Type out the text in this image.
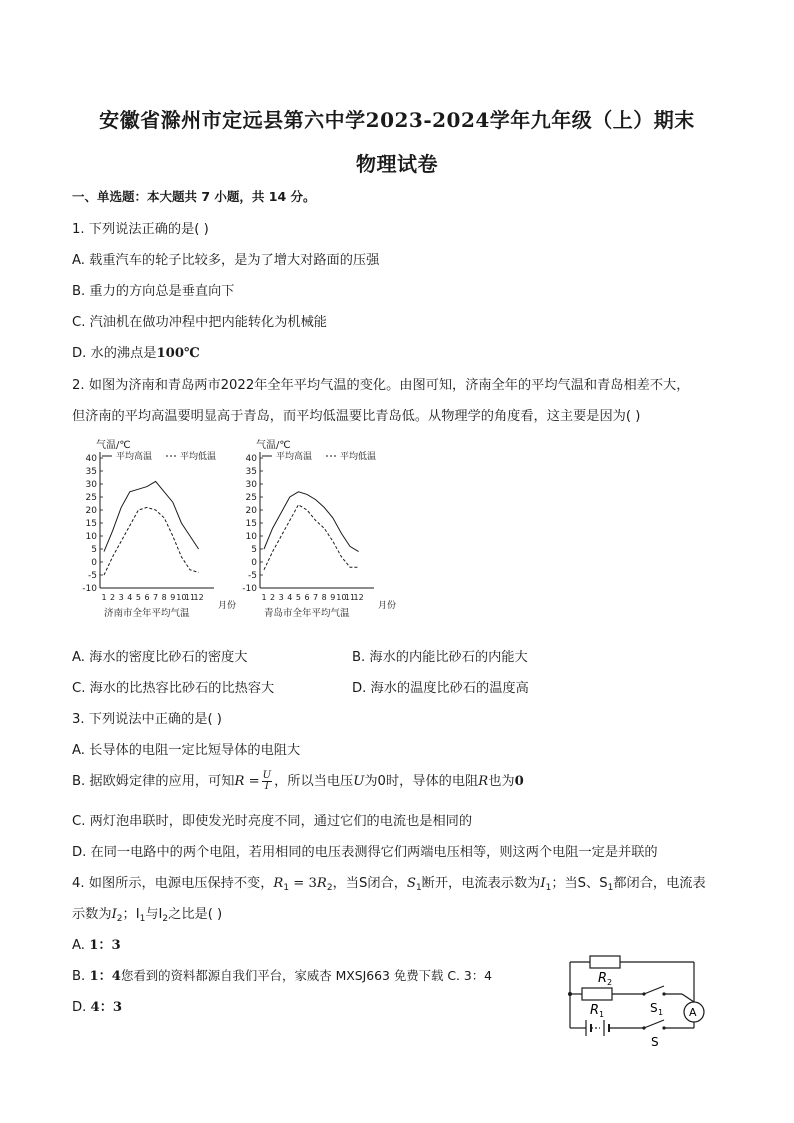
安徽省滁州市定远县第六中学2023-2024学年九年级（上）期末
物理试卷
一、单选题：本大题共 7 小题，共 14 分。
1. 下列说法正确的是( )
A. 载重汽车的轮子比较多，是为了增大对路面的压强
B. 重力的方向总是垂直向下
C. 汽油机在做功冲程中把内能转化为机械能
D. 水的沸点是100℃
2. 如图为济南和青岛两市2022年全年平均气温的变化。由图可知，济南全年的平均气温和青岛相差不大，
但济南的平均高温要明显高于青岛，而平均低温要比青岛低。从物理学的角度看，这主要是因为( )
气温/℃
平均高温	平均低温
-10
-5
0
5
10
15
20
25
30
35
40
1 2 3 4 5 6 7 8 9 10
11
12
月份
济南市全年平均气温
气温/℃
平均高温	平均低温
-10
-5
0
5
10
15
20
25
30
35
40
1 2 3 4 5 6 7 8 9 10
11
12
月份
青岛市全年平均气温
A. 海水的密度比砂石的密度大	B. 海水的内能比砂石的内能大
C. 海水的比热容比砂石的比热容大	D. 海水的温度比砂石的温度高
3. 下列说法中正确的是( )
A. 长导体的电阻一定比短导体的电阻大
B. 据欧姆定律的应用，可知$R = \frac{U}{I}$ ，所以当电压U为0时，导体的电阻R也为0
C. 两灯泡串联时，即使发光时亮度不同，通过它们的电流也是相同的
D. 在同一电路中的两个电阻，若用相同的电压表测得它们两端电压相等，则这两个电阻一定是并联的
4. 如图所示，电源电压保持不变，$R_1 = 3R_2$，当S闭合，$S_1$断开，电流表示数为$I_1$；当S、$S_1$都闭合，电流表
示数为$I_2$；$I_1$与$I_2$之比是( )
A. 1：3
B. 1：4您看到的资料都源自我们平台，家威杏 MXSJ663 免费下载 C. 3：4
D. 4：3
R 2
R 1	S 1
S
A
